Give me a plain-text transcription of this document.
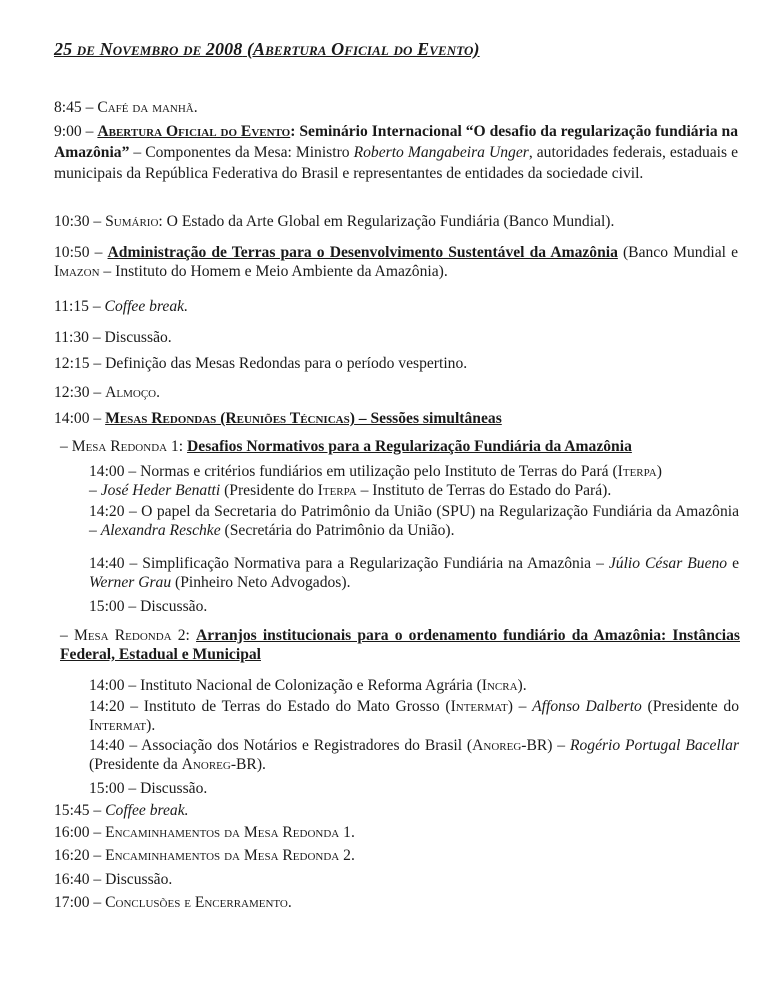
25 de Novembro de 2008 (Abertura Oficial do Evento)
8:45 – Café da manhã.
9:00 – Abertura Oficial do Evento: Seminário Internacional “O desafio da regularização fundiária na Amazônia” – Componentes da Mesa: Ministro Roberto Mangabeira Unger, autoridades federais, estaduais e municipais da República Federativa do Brasil e representantes de entidades da sociedade civil.
10:30 – Sumário: O Estado da Arte Global em Regularização Fundiária (Banco Mundial).
10:50 – Administração de Terras para o Desenvolvimento Sustentável da Amazônia (Banco Mundial e Imazon – Instituto do Homem e Meio Ambiente da Amazônia).
11:15 – Coffee break.
11:30 – Discussão.
12:15 – Definição das Mesas Redondas para o período vespertino.
12:30 – Almoço.
14:00 – Mesas Redondas (Reuniões Técnicas) – Sessões simultâneas
– Mesa Redonda 1: Desafios Normativos para a Regularização Fundiária da Amazônia
14:00 – Normas e critérios fundiários em utilização pelo Instituto de Terras do Pará (Iterpa)
– José Heder Benatti (Presidente do Iterpa – Instituto de Terras do Estado do Pará).
14:20 – O papel da Secretaria do Patrimônio da União (SPU) na Regularização Fundiária da Amazônia – Alexandra Reschke (Secretária do Patrimônio da União).
14:40 – Simplificação Normativa para a Regularização Fundiária na Amazônia – Júlio César Bueno e Werner Grau (Pinheiro Neto Advogados).
15:00 – Discussão.
– Mesa Redonda 2: Arranjos institucionais para o ordenamento fundiário da Amazônia: Instâncias Federal, Estadual e Municipal
14:00 – Instituto Nacional de Colonização e Reforma Agrária (Incra).
14:20 – Instituto de Terras do Estado do Mato Grosso (Intermat) – Affonso Dalberto (Presidente do Intermat).
14:40 – Associação dos Notários e Registradores do Brasil (Anoreg-BR) – Rogério Portugal Bacellar (Presidente da Anoreg-BR).
15:00 – Discussão.
15:45 – Coffee break.
16:00 – Encaminhamentos da Mesa Redonda 1.
16:20 – Encaminhamentos da Mesa Redonda 2.
16:40 – Discussão.
17:00 – Conclusões e Encerramento.
